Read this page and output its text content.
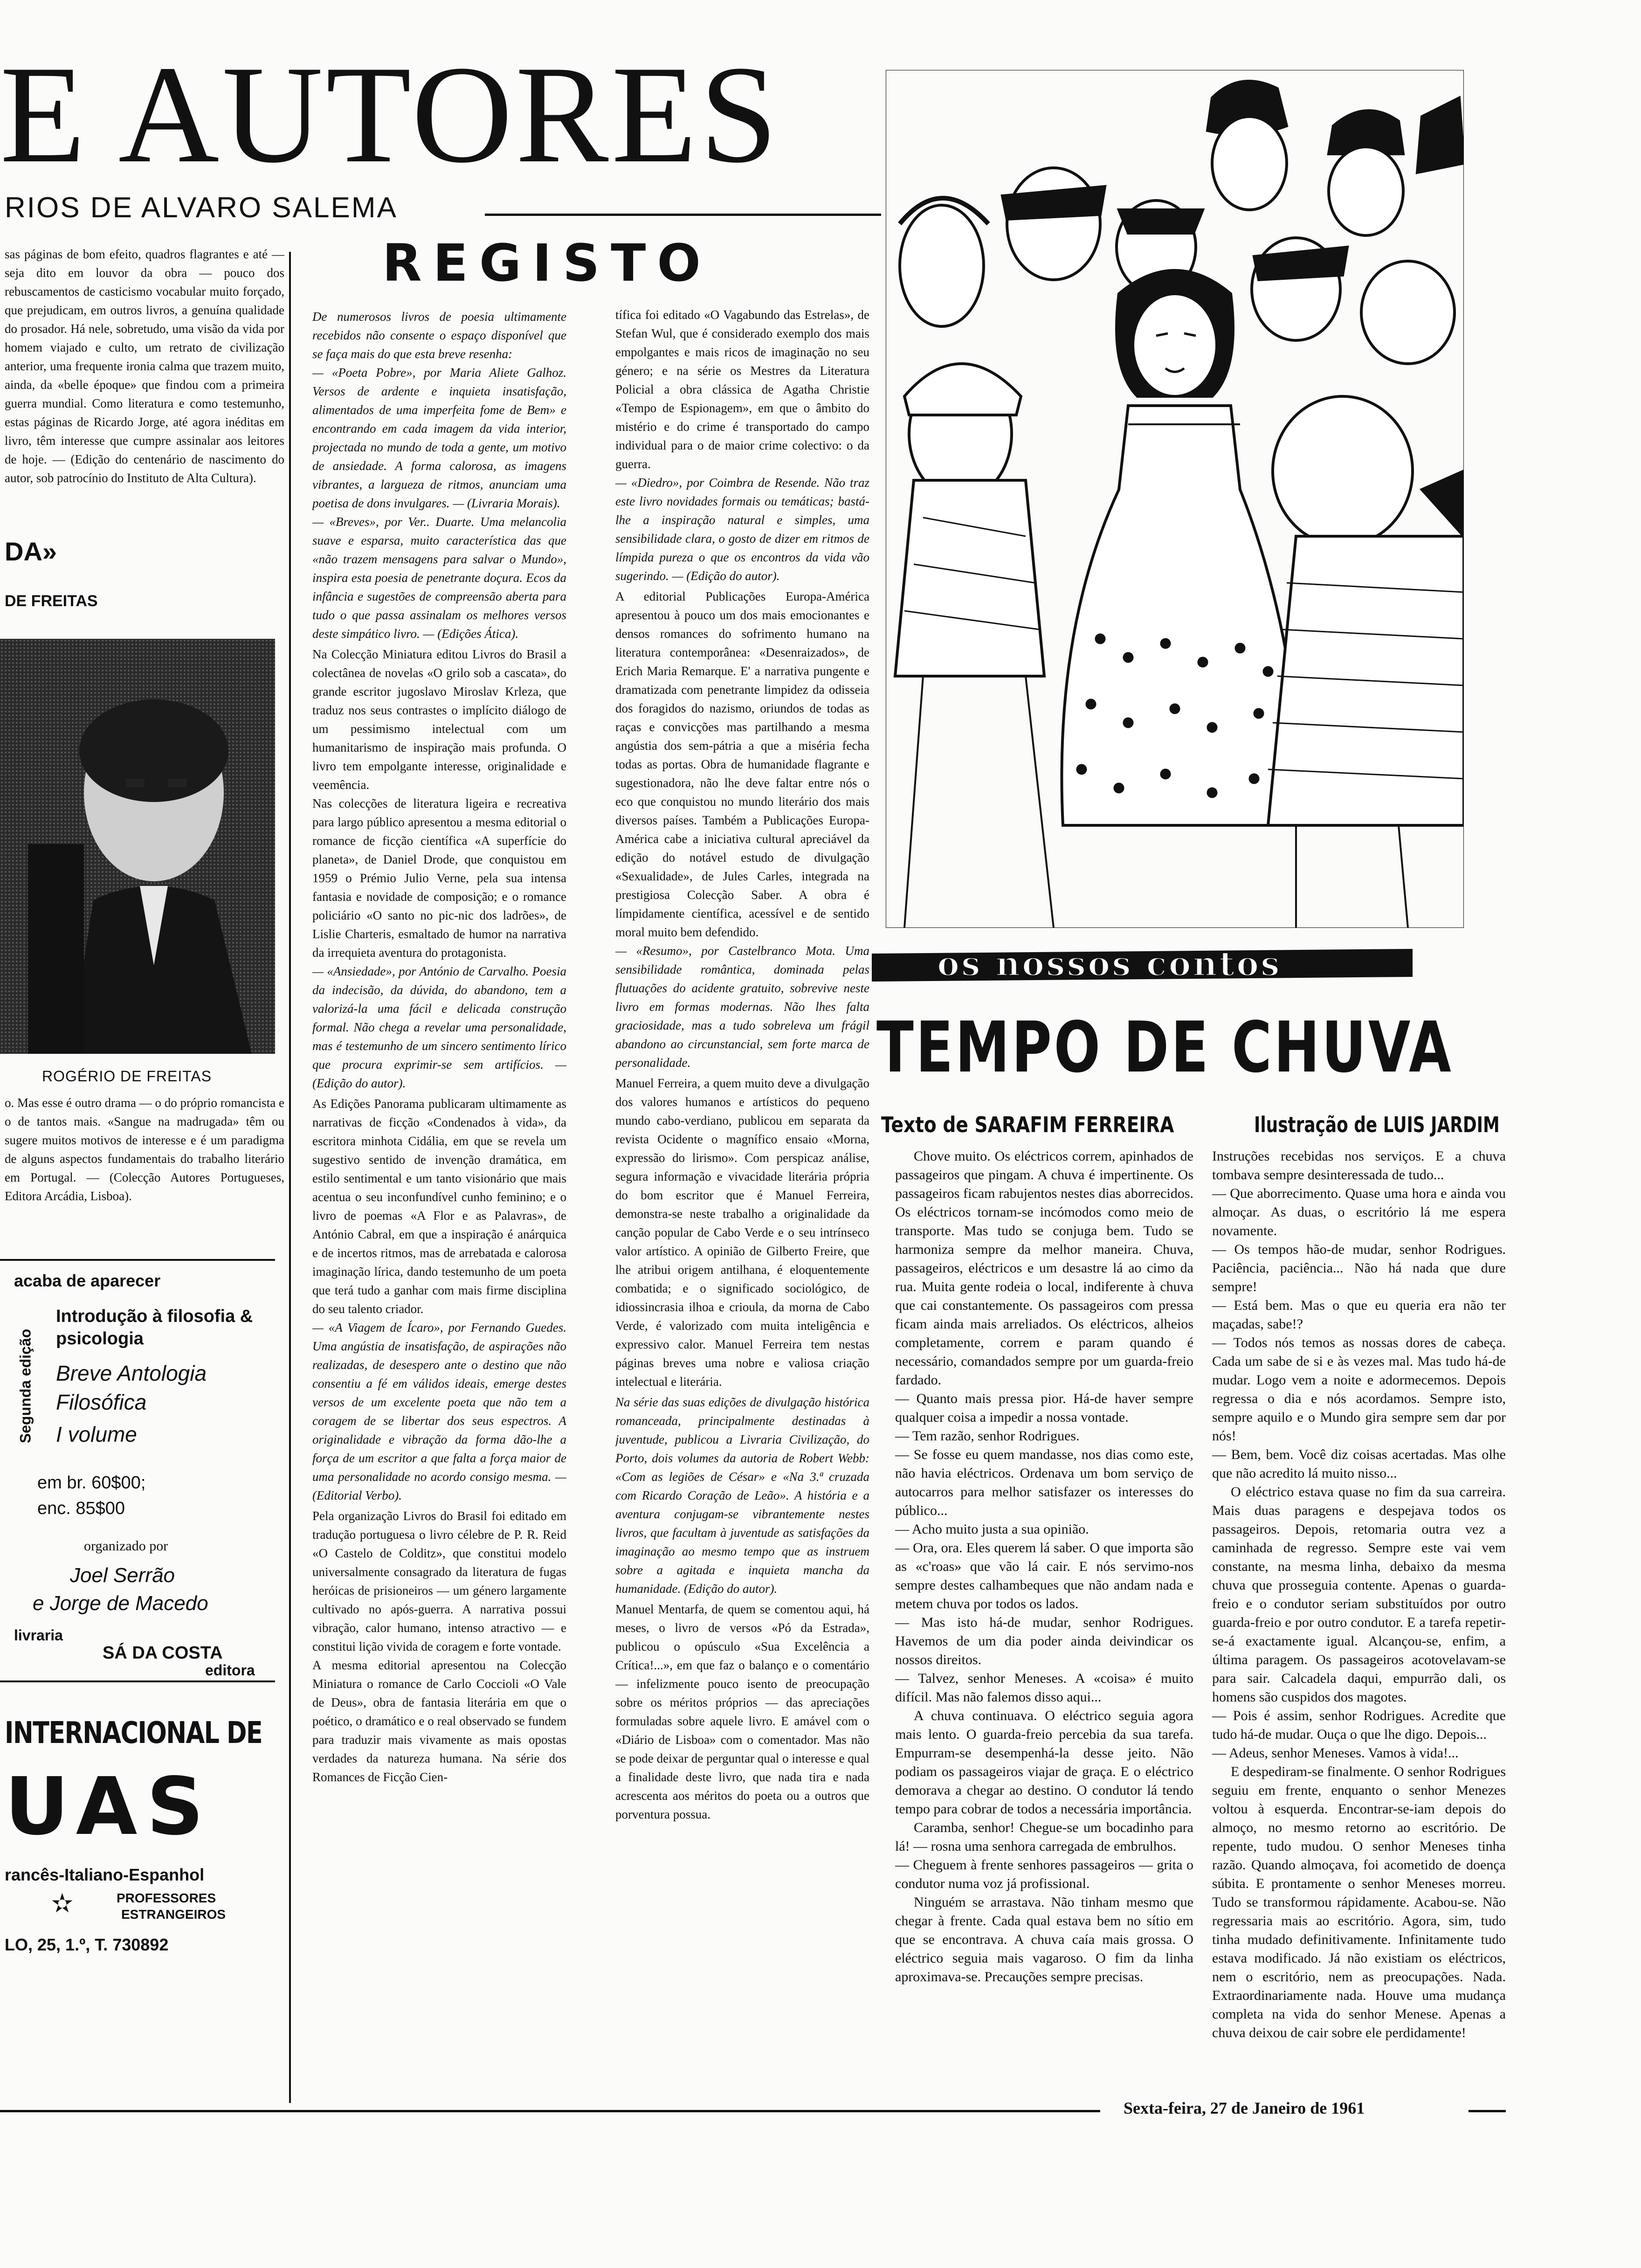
E AUTORES
RIOS DE ALVARO SALEMA

sas páginas de bom efeito, quadros flagrantes e até — seja dito em louvor da obra — pouco dos rebuscamentos de casticismo vocabular muito forçado, que prejudicam, em outros livros, a genuína qualidade do prosador. Há nele, sobretudo, uma visão da vida por homem viajado e culto, um retrato de civilização anterior, uma frequente ironia calma que trazem muito, ainda, da «belle époque» que findou com a primeira guerra mundial. Como literatura e como testemunho, estas páginas de Ricardo Jorge, até agora inéditas em livro, têm interesse que cumpre assinalar aos leitores de hoje. — (Edição do centenário de nascimento do autor, sob patrocínio do Instituto de Alta Cultura).

DA»
DE FREITAS
ROGÉRIO DE FREITAS

o. Mas esse é outro drama — o do próprio romancista e o de tantos mais. «Sangue na madrugada» têm ou sugere muitos motivos de interesse e é um paradigma de alguns aspectos fundamentais do trabalho literário em Portugal. — (Colecção Autores Portugueses, Editora Arcádia, Lisboa).

acaba de aparecer
Segunda edição
Introdução à filosofia & psicologia
Breve Antologia Filosófica
I volume
em br. 60$00;
enc. 85$00
organizado por
Joel Serrão
e Jorge de Macedo
livraria
SÁ DA COSTA
editora
INTERNACIONAL DE
UAS
rancês-Italiano-Espanhol
✫	PROFESSORES
ESTRANGEIROS
LO, 25, 1.º, T. 730892
REGISTO

● De numerosos livros de poesia ultimamente recebidos não consente o espaço disponível que se faça mais do que esta breve resenha:

— «Poeta Pobre», por Maria Aliete Galhoz. Versos de ardente e inquieta insatisfação, alimentados de uma imperfeita fome de Bem» e encontrando em cada imagem da vida interior, projectada no mundo de toda a gente, um motivo de ansiedade. A forma calorosa, as imagens vibrantes, a largueza de ritmos, anunciam uma poetisa de dons invulgares. — (Livraria Morais).

— «Breves», por Ver.. Duarte. Uma melancolia suave e esparsa, muito característica das que «não trazem mensagens para salvar o Mundo», inspira esta poesia de penetrante doçura. Ecos da infância e sugestões de compreensão aberta para tudo o que passa assinalam os melhores versos deste simpático livro. — (Edições Ática).

● Na Colecção Miniatura editou Livros do Brasil a colectânea de novelas «O grilo sob a cascata», do grande escritor jugoslavo Miroslav Krleza, que traduz nos seus contrastes o implícito diálogo de um pessimismo intelectual com um humanitarismo de inspiração mais profunda. O livro tem empolgante interesse, originalidade e veemência.

Nas colecções de literatura ligeira e recreativa para largo público apresentou a mesma editorial o romance de ficção científica «A superfície do planeta», de Daniel Drode, que conquistou em 1959 o Prémio Julio Verne, pela sua intensa fantasia e novidade de composição; e o romance policiário «O santo no pic-nic dos ladrões», de Lislie Charteris, esmaltado de humor na narrativa da irrequieta aventura do protagonista.

— «Ansiedade», por António de Carvalho. Poesia da indecisão, da dúvida, do abandono, tem a valorizá-la uma fácil e delicada construção formal. Não chega a revelar uma personalidade, mas é testemunho de um sincero sentimento lírico que procura exprimir-se sem artifícios. — (Edição do autor).

● As Edições Panorama publicaram ultimamente as narrativas de ficção «Condenados à vida», da escritora minhota Cidália, em que se revela um sugestivo sentido de invenção dramática, em estilo sentimental e um tanto visionário que mais acentua o seu inconfundível cunho feminino; e o livro de poemas «A Flor e as Palavras», de António Cabral, em que a inspiração é anárquica e de incertos ritmos, mas de arrebatada e calorosa imaginação lírica, dando testemunho de um poeta que terá tudo a ganhar com mais firme disciplina do seu talento criador.

— «A Viagem de Ícaro», por Fernando Guedes. Uma angústia de insatisfação, de aspirações não realizadas, de desespero ante o destino que não consentiu a fé em válidos ideais, emerge destes versos de um excelente poeta que não tem a coragem de se libertar dos seus espectros. A originalidade e vibração da forma dão-lhe a força de um escritor a que falta a força maior de uma personalidade no acordo consigo mesma. — (Editorial Verbo).

● Pela organização Livros do Brasil foi editado em tradução portuguesa o livro célebre de P. R. Reid «O Castelo de Colditz», que constitui modelo universalmente consagrado da literatura de fugas heróicas de prisioneiros — um género largamente cultivado no após-guerra. A narrativa possui vibração, calor humano, intenso atractivo — e constitui lição vivida de coragem e forte vontade.

A mesma editorial apresentou na Colecção Miniatura o romance de Carlo Coccioli «O Vale de Deus», obra de fantasia literária em que o poético, o dramático e o real observado se fundem para traduzir mais vivamente as mais opostas verdades da natureza humana. Na série dos Romances de Ficção Cien-

tífica foi editado «O Vagabundo das Estrelas», de Stefan Wul, que é considerado exemplo dos mais empolgantes e mais ricos de imaginação no seu género; e na série os Mestres da Literatura Policial a obra clássica de Agatha Christie «Tempo de Espionagem», em que o âmbito do mistério e do crime é transportado do campo individual para o de maior crime colectivo: o da guerra.

— «Diedro», por Coimbra de Resende. Não traz este livro novidades formais ou temáticas; bastá-lhe a inspiração natural e simples, uma sensibilidade clara, o gosto de dizer em ritmos de límpida pureza o que os encontros da vida vão sugerindo. — (Edição do autor).

● A editorial Publicações Europa-América apresentou à pouco um dos mais emocionantes e densos romances do sofrimento humano na literatura contemporânea: «Desenraizados», de Erich Maria Remarque. E' a narrativa pungente e dramatizada com penetrante limpidez da odisseia dos foragidos do nazismo, oriundos de todas as raças e convicções mas partilhando a mesma angústia dos sem-pátria a que a miséria fecha todas as portas. Obra de humanidade flagrante e sugestionadora, não lhe deve faltar entre nós o eco que conquistou no mundo literário dos mais diversos países. Também a Publicações Europa-América cabe a iniciativa cultural apreciável da edição do notável estudo de divulgação «Sexualidade», de Jules Carles, integrada na prestigiosa Colecção Saber. A obra é límpidamente científica, acessível e de sentido moral muito bem defendido.

— «Resumo», por Castelbranco Mota. Uma sensibilidade romântica, dominada pelas flutuações do acidente gratuito, sobrevive neste livro em formas modernas. Não lhes falta graciosidade, mas a tudo sobreleva um frágil abandono ao circunstancial, sem forte marca de personalidade.

● Manuel Ferreira, a quem muito deve a divulgação dos valores humanos e artísticos do pequeno mundo cabo-verdiano, publicou em separata da revista Ocidente o magnífico ensaio «Morna, expressão do lirismo». Com perspicaz análise, segura informação e vivacidade literária própria do bom escritor que é Manuel Ferreira, demonstra-se neste trabalho a originalidade da canção popular de Cabo Verde e o seu intrínseco valor artístico. A opinião de Gilberto Freire, que lhe atribui origem antilhana, é eloquentemente combatida; e o significado sociológico, de idiossincrasia ilhoa e crioula, da morna de Cabo Verde, é valorizado com muita inteligência e expressivo calor. Manuel Ferreira tem nestas páginas breves uma nobre e valiosa criação intelectual e literária.

● Na série das suas edições de divulgação histórica romanceada, principalmente destinadas à juventude, publicou a Livraria Civilização, do Porto, dois volumes da autoria de Robert Webb: «Com as legiões de César» e «Na 3.ª cruzada com Ricardo Coração de Leão». A história e a aventura conjugam-se vibrantemente nestes livros, que facultam à juventude as satisfações da imaginação ao mesmo tempo que as instruem sobre a agitada e inquieta mancha da humanidade. (Edição do autor).

● Manuel Mentarfa, de quem se comentou aqui, há meses, o livro de versos «Pó da Estrada», publicou o opúsculo «Sua Excelência a Crítica!...», em que faz o balanço e o comentário — infelizmente pouco isento de preocupação sobre os méritos próprios — das apreciações formuladas sobre aquele livro. E amável com o «Diário de Lisboa» com o comentador. Mas não se pode deixar de perguntar qual o interesse e qual a finalidade deste livro, que nada tira e nada acrescenta aos méritos do poeta ou a outros que porventura possua.

os nossos contos
TEMPO DE CHUVA
Texto de SARAFIM FERREIRA	Ilustração de LUIS JARDIM

Chove muito. Os eléctricos correm, apinhados de passageiros que pingam. A chuva é impertinente. Os passageiros ficam rabujentos nestes dias aborrecidos. Os eléctricos tornam-se incómodos como meio de transporte. Mas tudo se conjuga bem. Tudo se harmoniza sempre da melhor maneira. Chuva, passageiros, eléctricos e um desastre lá ao cimo da rua. Muita gente rodeia o local, indiferente à chuva que cai constantemente. Os passageiros com pressa ficam ainda mais arreliados. Os eléctricos, alheios completamente, correm e param quando é necessário, comandados sempre por um guarda-freio fardado.

— Quanto mais pressa pior. Há-de haver sempre qualquer coisa a impedir a nossa vontade.

— Tem razão, senhor Rodrigues.

— Se fosse eu quem mandasse, nos dias como este, não havia eléctricos. Ordenava um bom serviço de autocarros para melhor satisfazer os interesses do público...

— Acho muito justa a sua opinião.

— Ora, ora. Eles querem lá saber. O que importa são as «c'roas» que vão lá cair. E nós servimo-nos sempre destes calhambeques que não andam nada e metem chuva por todos os lados.

— Mas isto há-de mudar, senhor Rodrigues. Havemos de um dia poder ainda deivindicar os nossos direitos.

— Talvez, senhor Meneses. A «coisa» é muito difícil. Mas não falemos disso aqui...

A chuva continuava. O eléctrico seguia agora mais lento. O guarda-freio percebia da sua tarefa. Empurram-se desempenhá-la desse jeito. Não podiam os passageiros viajar de graça. E o eléctrico demorava a chegar ao destino. O condutor lá tendo tempo para cobrar de todos a necessária importância.

Caramba, senhor! Chegue-se um bocadinho para lá! — rosna uma senhora carregada de embrulhos.

— Cheguem à frente senhores passageiros — grita o condutor numa voz já profissional.

Ninguém se arrastava. Não tinham mesmo que chegar à frente. Cada qual estava bem no sítio em que se encontrava. A chuva caía mais grossa. O eléctrico seguia mais vagaroso. O fim da linha aproximava-se. Precauções sempre precisas.

Instruções recebidas nos serviços. E a chuva tombava sempre desinteressada de tudo...

— Que aborrecimento. Quase uma hora e ainda vou almoçar. As duas, o escritório lá me espera novamente.

— Os tempos hão-de mudar, senhor Rodrigues. Paciência, paciência... Não há nada que dure sempre!

— Está bem. Mas o que eu queria era não ter maçadas, sabe!?

— Todos nós temos as nossas dores de cabeça. Cada um sabe de si e às vezes mal. Mas tudo há-de mudar. Logo vem a noite e adormecemos. Depois regressa o dia e nós acordamos. Sempre isto, sempre aquilo e o Mundo gira sempre sem dar por nós!

— Bem, bem. Você diz coisas acertadas. Mas olhe que não acredito lá muito nisso...

O eléctrico estava quase no fim da sua carreira. Mais duas paragens e despejava todos os passageiros. Depois, retomaria outra vez a caminhada de regresso. Sempre este vai vem constante, na mesma linha, debaixo da mesma chuva que prosseguia contente. Apenas o guarda-freio e o condutor seriam substituídos por outro guarda-freio e por outro condutor. E a tarefa repetir-se-á exactamente igual. Alcançou-se, enfim, a última paragem. Os passageiros acotovelavam-se para sair. Calcadela daqui, empurrão dali, os homens são cuspidos dos magotes.

— Pois é assim, senhor Rodrigues. Acredite que tudo há-de mudar. Ouça o que lhe digo. Depois...

— Adeus, senhor Meneses. Vamos à vida!...

E despediram-se finalmente. O senhor Rodrigues seguiu em frente, enquanto o senhor Menezes voltou à esquerda. Encontrar-se-iam depois do almoço, no mesmo retorno ao escritório. De repente, tudo mudou. O senhor Meneses tinha razão. Quando almoçava, foi acometido de doença súbita. E prontamente o senhor Meneses morreu. Tudo se transformou rápidamente. Acabou-se. Não regressaria mais ao escritório. Agora, sim, tudo tinha mudado definitivamente. Infinitamente tudo estava modificado. Já não existiam os eléctricos, nem o escritório, nem as preocupações. Nada. Extraordinariamente nada. Houve uma mudança completa na vida do senhor Menese. Apenas a chuva deixou de cair sobre ele perdidamente!

Sexta-feira, 27 de Janeiro de 1961
